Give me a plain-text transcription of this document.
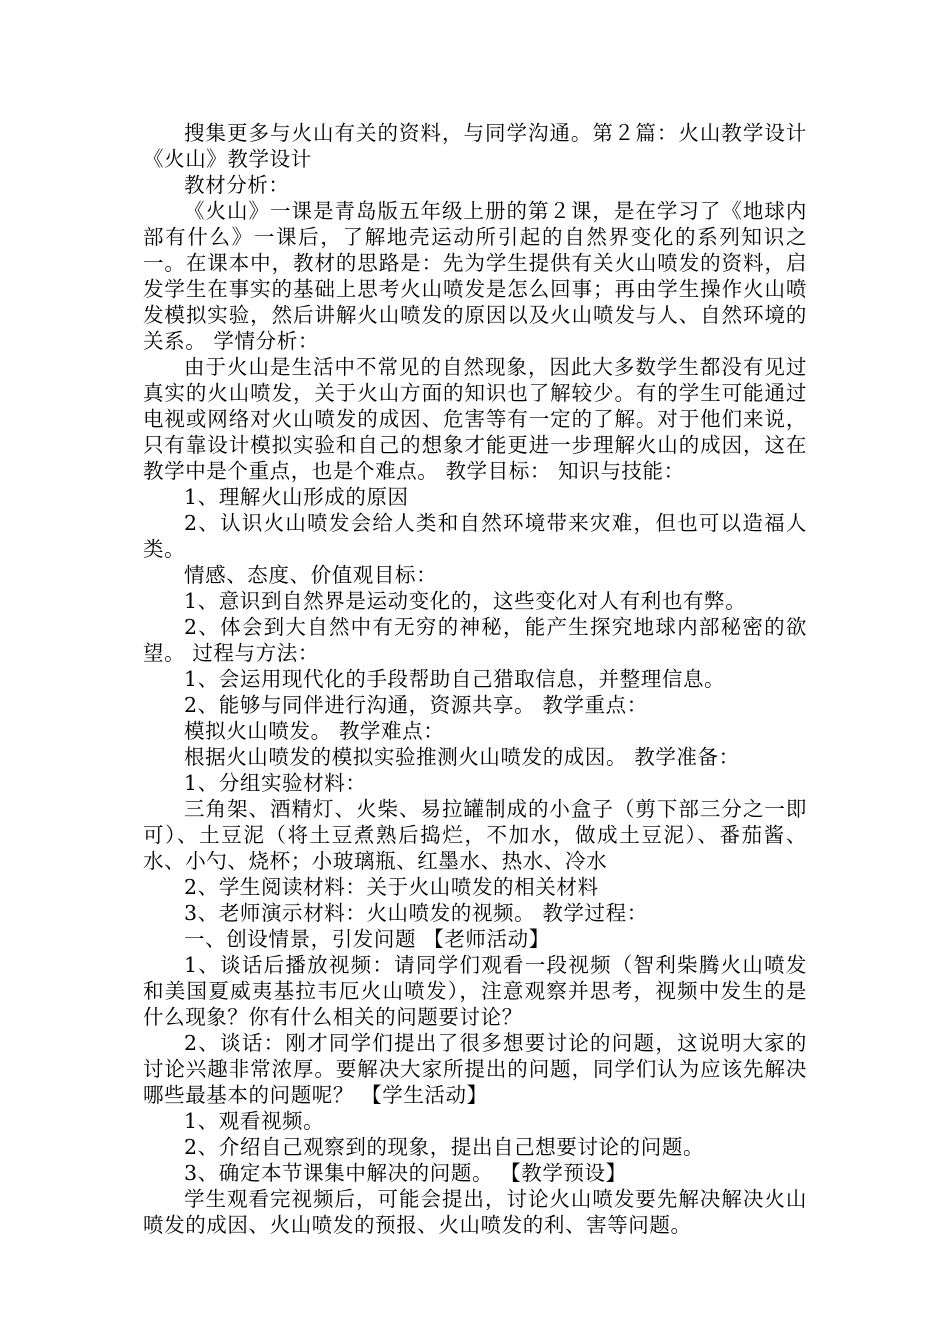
搜集更多与火山有关的资料，与同学沟通。第２篇：火山教学设计《火山》教学设计

教材分析：

《火山》一课是青岛版五年级上册的第２课，是在学习了《地球内部有什么》一课后，了解地壳运动所引起的自然界变化的系列知识之一。在课本中，教材的思路是：先为学生提供有关火山喷发的资料，启发学生在事实的基础上思考火山喷发是怎么回事；再由学生操作火山喷发模拟实验，然后讲解火山喷发的原因以及火山喷发与人、自然环境的关系。 学情分析：

由于火山是生活中不常见的自然现象，因此大多数学生都没有见过真实的火山喷发，关于火山方面的知识也了解较少。有的学生可能通过电视或网络对火山喷发的成因、危害等有一定的了解。对于他们来说，只有靠设计模拟实验和自己的想象才能更进一步理解火山的成因，这在教学中是个重点，也是个难点。 教学目标： 知识与技能：

1、理解火山形成的原因

2、认识火山喷发会给人类和自然环境带来灾难，但也可以造福人类。

情感、态度、价值观目标：

1、意识到自然界是运动变化的，这些变化对人有利也有弊。

2、体会到大自然中有无穷的神秘，能产生探究地球内部秘密的欲望。 过程与方法：

1、会运用现代化的手段帮助自己猎取信息，并整理信息。

2、能够与同伴进行沟通，资源共享。 教学重点：

模拟火山喷发。 教学难点：

根据火山喷发的模拟实验推测火山喷发的成因。 教学准备：

1、分组实验材料：

三角架、酒精灯、火柴、易拉罐制成的小盒子（剪下部三分之一即可）、土豆泥（将土豆煮熟后捣烂，不加水，做成土豆泥）、番茄酱、水、小勺、烧杯；小玻璃瓶、红墨水、热水、冷水

2、学生阅读材料：关于火山喷发的相关材料

3、老师演示材料：火山喷发的视频。 教学过程：

一、创设情景，引发问题 【老师活动】

1、谈话后播放视频：请同学们观看一段视频（智利柴腾火山喷发和美国夏威夷基拉韦厄火山喷发），注意观察并思考，视频中发生的是什么现象？你有什么相关的问题要讨论？

2、谈话：刚才同学们提出了很多想要讨论的问题，这说明大家的讨论兴趣非常浓厚。要解决大家所提出的问题，同学们认为应该先解决哪些最基本的问题呢？ 【学生活动】

1、观看视频。

2、介绍自己观察到的现象，提出自己想要讨论的问题。

3、确定本节课集中解决的问题。 【教学预设】

学生观看完视频后，可能会提出，讨论火山喷发要先解决解决火山喷发的成因、火山喷发的预报、火山喷发的利、害等问题。
